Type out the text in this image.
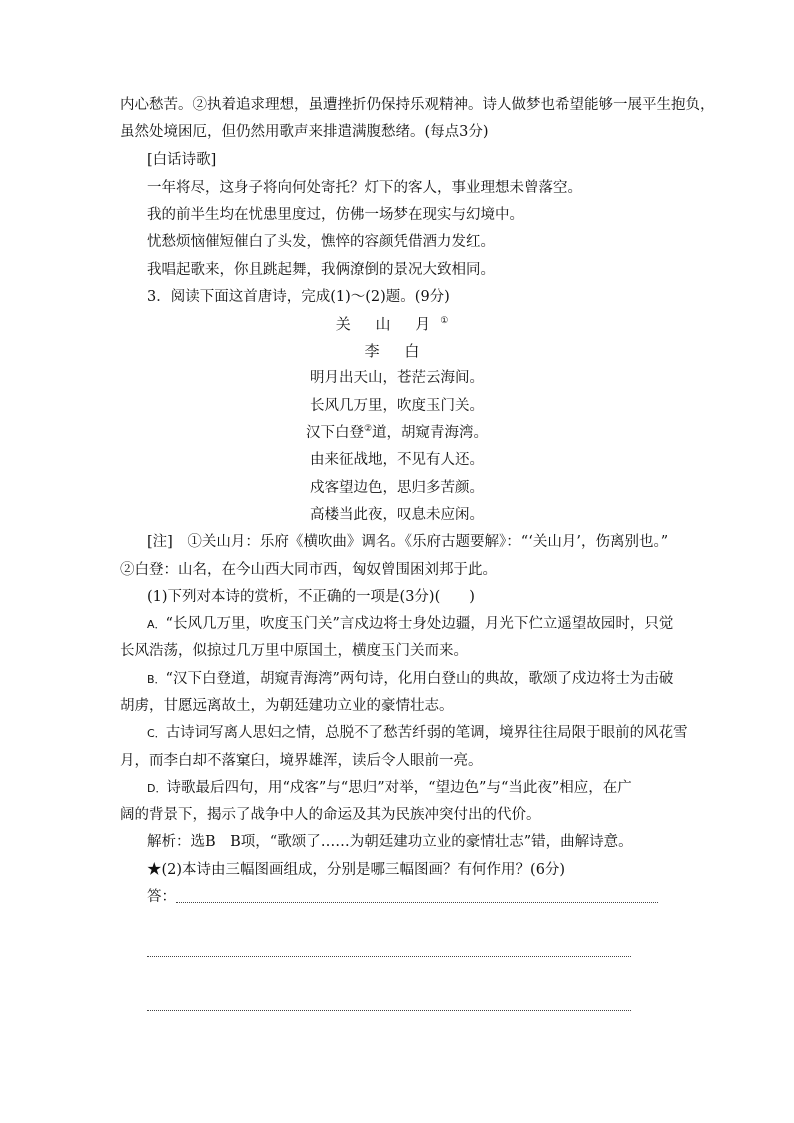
内心愁苦。②执着追求理想，虽遭挫折仍保持乐观精神。诗人做梦也希望能够一展平生抱负，
虽然处境困厄，但仍然用歌声来排遣满腹愁绪。(每点3分)
[白话诗歌]
一年将尽，这身子将向何处寄托？灯下的客人，事业理想未曾落空。
我的前半生均在忧患里度过，仿佛一场梦在现实与幻境中。
忧愁烦恼催短催白了头发，憔悴的容颜凭借酒力发红。
我唱起歌来，你且跳起舞，我俩潦倒的景况大致相同。
3．阅读下面这首唐诗，完成(1)～(2)题。(9分)
关 山 月①
李 白
明月出天山，苍茫云海间。
长风几万里，吹度玉门关。
汉下白登②道，胡窥青海湾。
由来征战地，不见有人还。
戍客望边色，思归多苦颜。
高楼当此夜，叹息未应闲。
[注]　①关山月：乐府《横吹曲》调名。《乐府古题要解》：“‘关山月’，伤离别也。”
②白登：山名，在今山西大同市西，匈奴曾围困刘邦于此。
(1)下列对本诗的赏析，不正确的一项是(3分)(　　)
A．“长风几万里，吹度玉门关”言戍边将士身处边疆，月光下伫立遥望故园时，只觉
长风浩荡，似掠过几万里中原国土，横度玉门关而来。
B．“汉下白登道，胡窥青海湾”两句诗，化用白登山的典故，歌颂了戍边将士为击破
胡虏，甘愿远离故土，为朝廷建功立业的豪情壮志。
C．古诗词写离人思妇之情，总脱不了愁苦纤弱的笔调，境界往往局限于眼前的风花雪
月，而李白却不落窠臼，境界雄浑，读后令人眼前一亮。
D．诗歌最后四句，用“戍客”与“思归”对举，“望边色”与“当此夜”相应，在广
阔的背景下，揭示了战争中人的命运及其为民族冲突付出的代价。
解析：选B　B项，“歌颂了……为朝廷建功立业的豪情壮志”错，曲解诗意。
★(2)本诗由三幅图画组成，分别是哪三幅图画？有何作用？(6分)
答：
